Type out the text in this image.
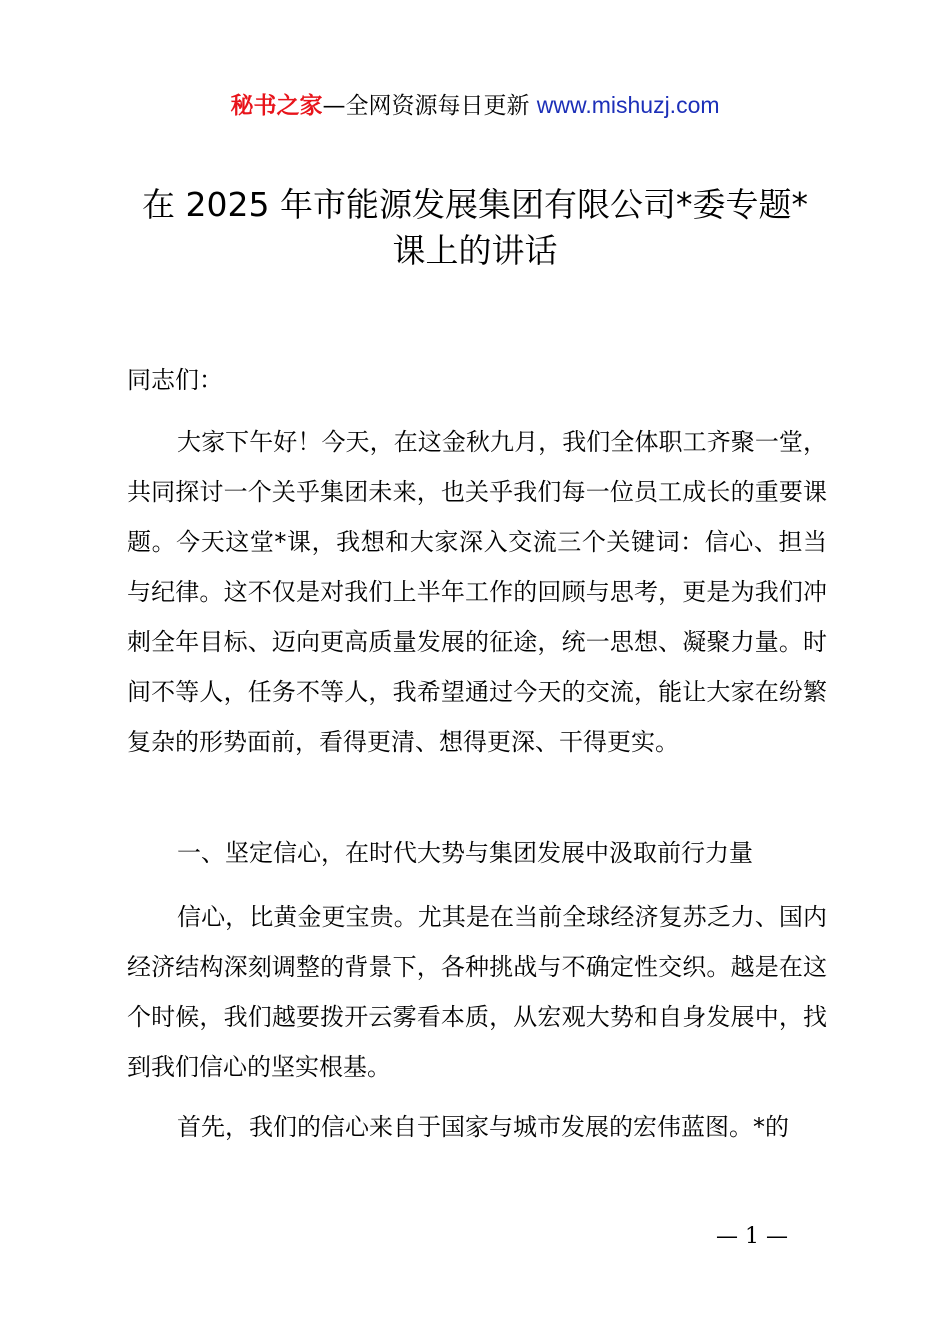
秘书之家—全网资源每日更新 www.mishuzj.com
在 2025 年市能源发展集团有限公司*委专题*
课上的讲话
同志们：

大家下午好！今天，在这金秋九月，我们全体职工齐聚一堂，共同探讨一个关乎集团未来，也关乎我们每一位员工成长的重要课题。今天这堂*课，我想和大家深入交流三个关键词：信心、担当与纪律。这不仅是对我们上半年工作的回顾与思考，更是为我们冲刺全年目标、迈向更高质量发展的征途，统一思想、凝聚力量。时间不等人，任务不等人，我希望通过今天的交流，能让大家在纷繁复杂的形势面前，看得更清、想得更深、干得更实。

一、坚定信心，在时代大势与集团发展中汲取前行力量

信心，比黄金更宝贵。尤其是在当前全球经济复苏乏力、国内经济结构深刻调整的背景下，各种挑战与不确定性交织。越是在这个时候，我们越要拨开云雾看本质，从宏观大势和自身发展中，找到我们信心的坚实根基。

首先，我们的信心来自于国家与城市发展的宏伟蓝图。*的

— 1 —
